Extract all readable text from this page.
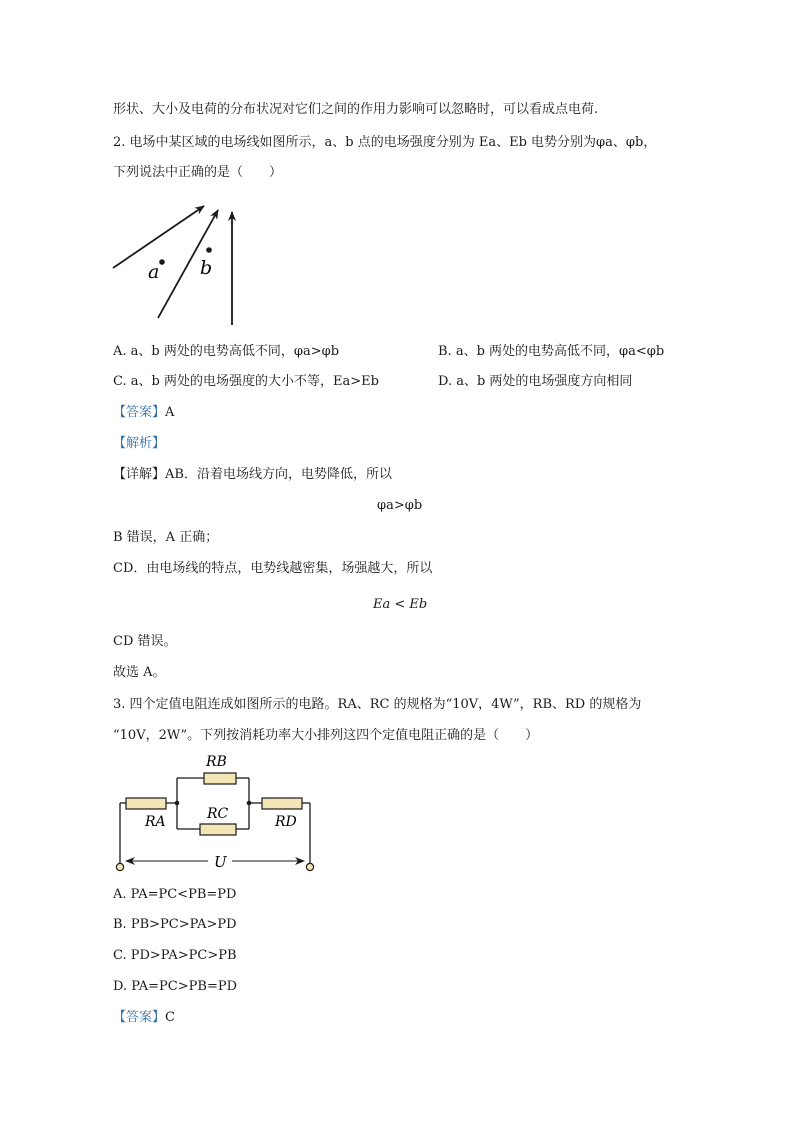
形状、大小及电荷的分布状况对它们之间的作用力影响可以忽略时，可以看成点电荷.
2. 电场中某区域的电场线如图所示，a、b 点的电场强度分别为 Ea、Eb 电势分别为φa、φb，
下列说法中正确的是（　　）
a b
A. a、b 两处的电势高低不同，φa>φb	B. a、b 两处的电势高低不同，φa<φb
C. a、b 两处的电场强度的大小不等，Ea>Eb	D. a、b 两处的电场强度方向相同
【答案】A
【解析】
【详解】AB．沿着电场线方向，电势降低，所以
φa>φb
B 错误，A 正确；
CD．由电场线的特点，电势线越密集，场强越大，所以
Ea < Eb
CD 错误。
故选 A。
3. 四个定值电阻连成如图所示的电路。RA、RC 的规格为“10V，4W”，RB、RD 的规格为
“10V，2W”。下列按消耗功率大小排列这四个定值电阻正确的是（　　）
RB
RA	RC	RD
U
A. PA=PC<PB=PD
B. PB>PC>PA>PD
C. PD>PA>PC>PB
D. PA=PC>PB=PD
【答案】C
